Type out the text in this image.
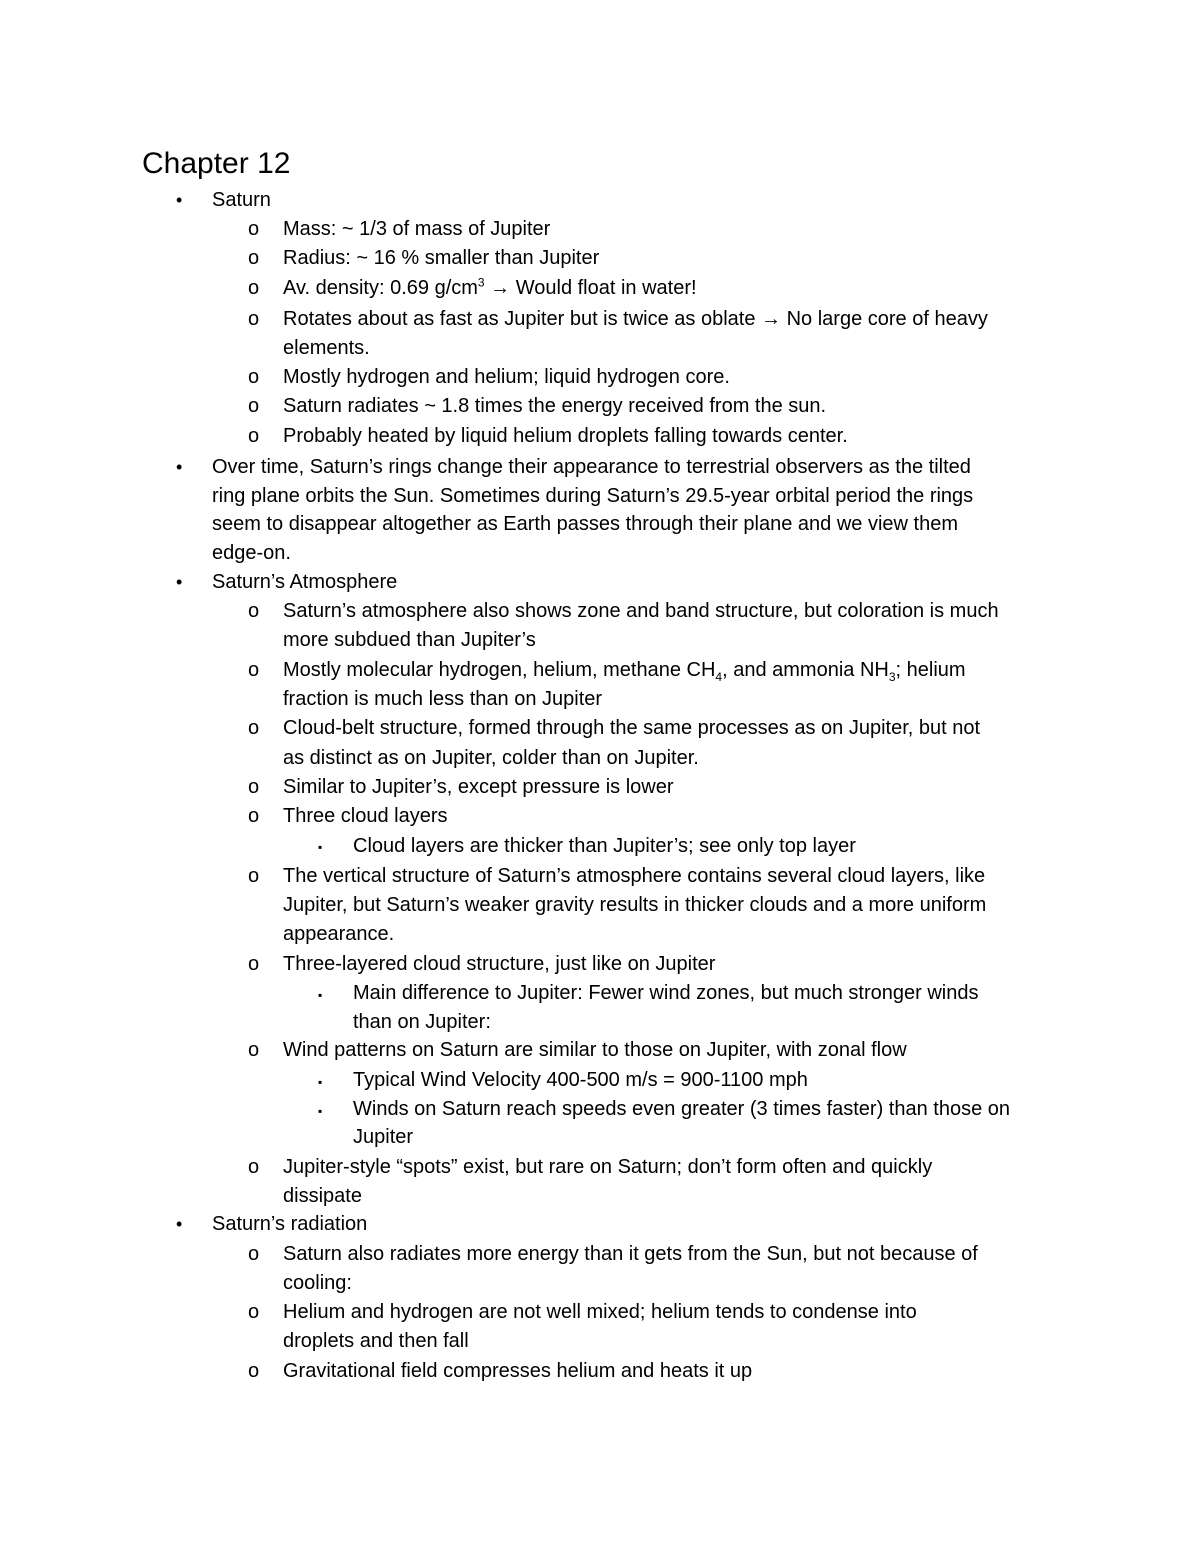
Chapter 12
• Saturn
o Mass: ~ 1/3 of mass of Jupiter
o Radius: ~ 16 % smaller than Jupiter
o Av. density: 0.69 $g/cm^3$ → Would float in water!
o Rotates about as fast as Jupiter but is twice as oblate → No large core of heavy
elements.
o Mostly hydrogen and helium; liquid hydrogen core.
o Saturn radiates ~ 1.8 times the energy received from the sun.
o Probably heated by liquid helium droplets falling towards center.
• Over time, Saturn’s rings change their appearance to terrestrial observers as the tilted
ring plane orbits the Sun. Sometimes during Saturn’s 29.5-year orbital period the rings
seem to disappear altogether as Earth passes through their plane and we view them
edge-on.
• Saturn’s Atmosphere
o Saturn’s atmosphere also shows zone and band structure, but coloration is much
more subdued than Jupiter’s
o Mostly molecular hydrogen, helium, methane $CH_4$, and ammonia $NH_3$; helium
fraction is much less than on Jupiter
o Cloud-belt structure, formed through the same processes as on Jupiter, but not
as distinct as on Jupiter, colder than on Jupiter.
o Similar to Jupiter’s, except pressure is lower
o Three cloud layers
▪ Cloud layers are thicker than Jupiter’s; see only top layer
o The vertical structure of Saturn’s atmosphere contains several cloud layers, like
Jupiter, but Saturn’s weaker gravity results in thicker clouds and a more uniform
appearance.
o Three-layered cloud structure, just like on Jupiter
▪ Main difference to Jupiter: Fewer wind zones, but much stronger winds
than on Jupiter:
o Wind patterns on Saturn are similar to those on Jupiter, with zonal flow
▪ Typical Wind Velocity 400-500 m/s = 900-1100 mph
▪ Winds on Saturn reach speeds even greater (3 times faster) than those on
Jupiter
o Jupiter-style “spots” exist, but rare on Saturn; don’t form often and quickly
dissipate
• Saturn’s radiation
o Saturn also radiates more energy than it gets from the Sun, but not because of
cooling:
o Helium and hydrogen are not well mixed; helium tends to condense into
droplets and then fall
o Gravitational field compresses helium and heats it up
